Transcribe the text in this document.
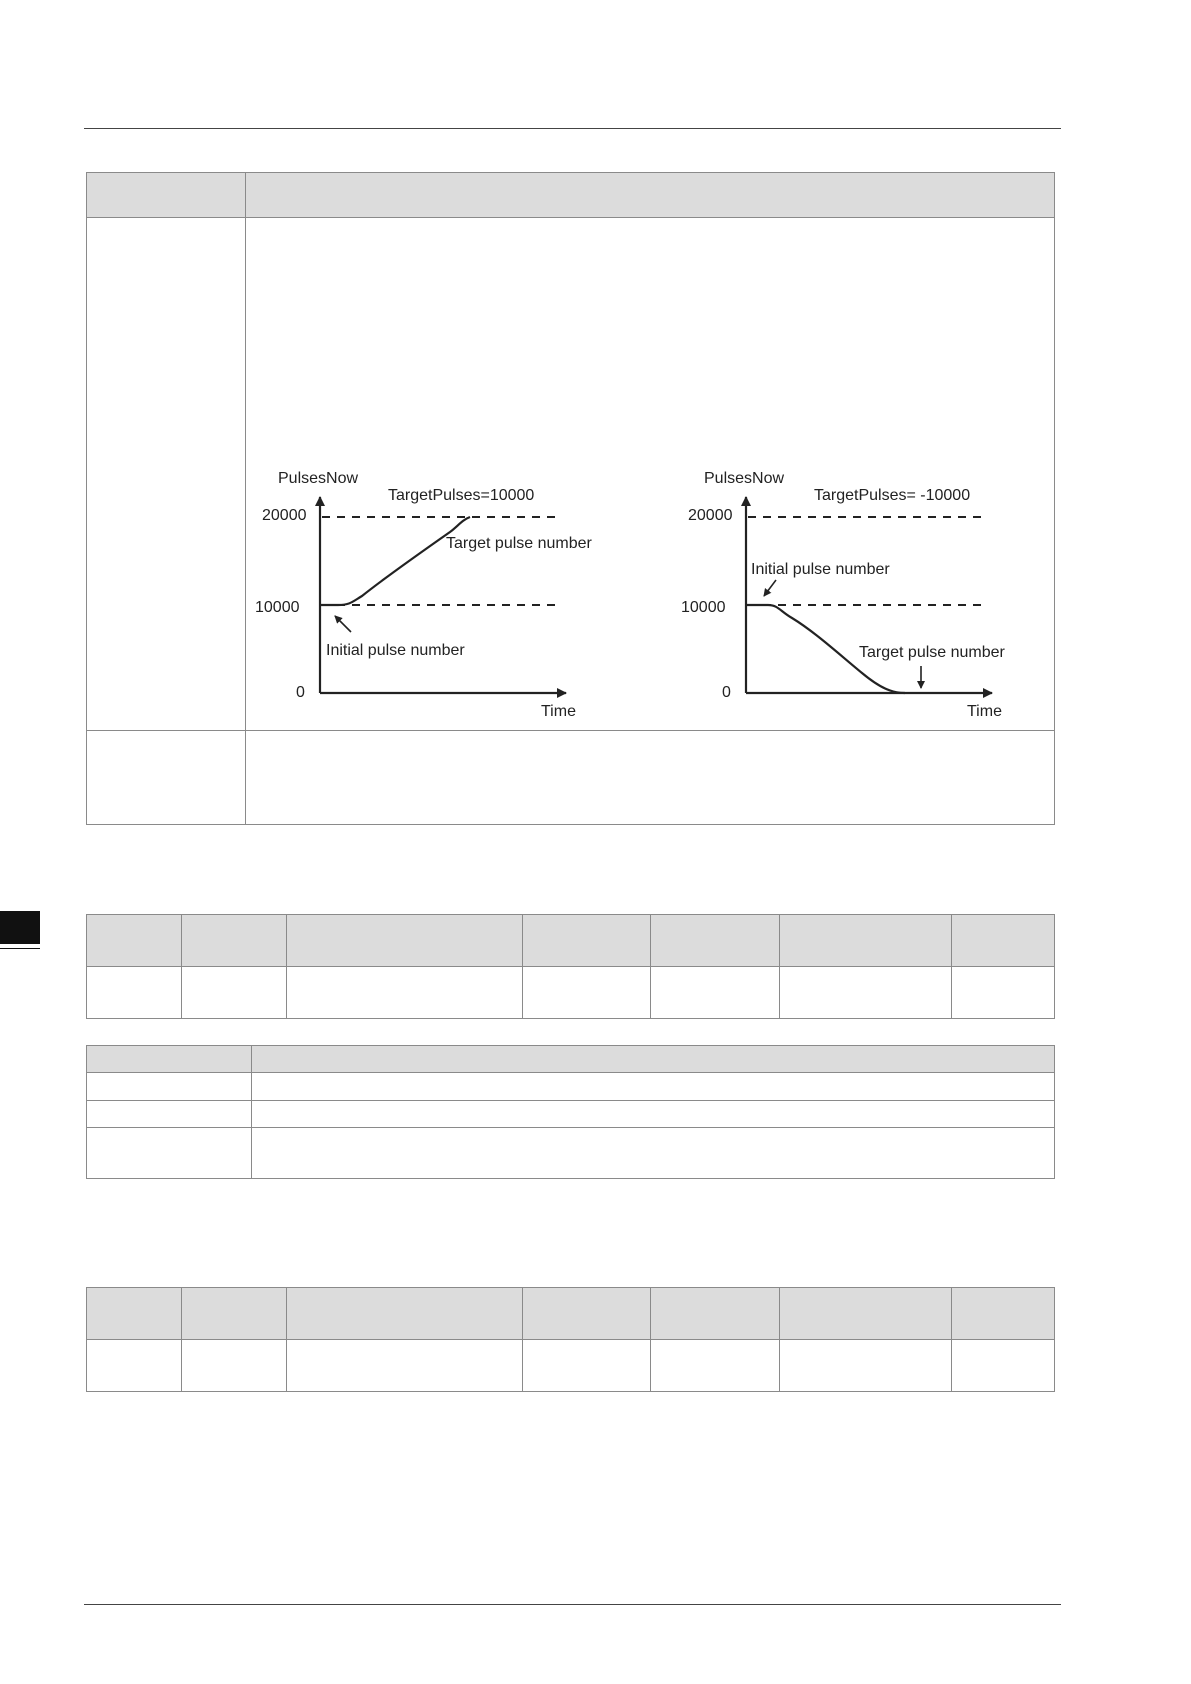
PulsesNow
TargetPulses=10000
20000
10000
0
Target pulse number
Initial pulse number
Time
PulsesNow
TargetPulses= -10000
20000
10000
0
Initial pulse number
Target pulse number
Time
